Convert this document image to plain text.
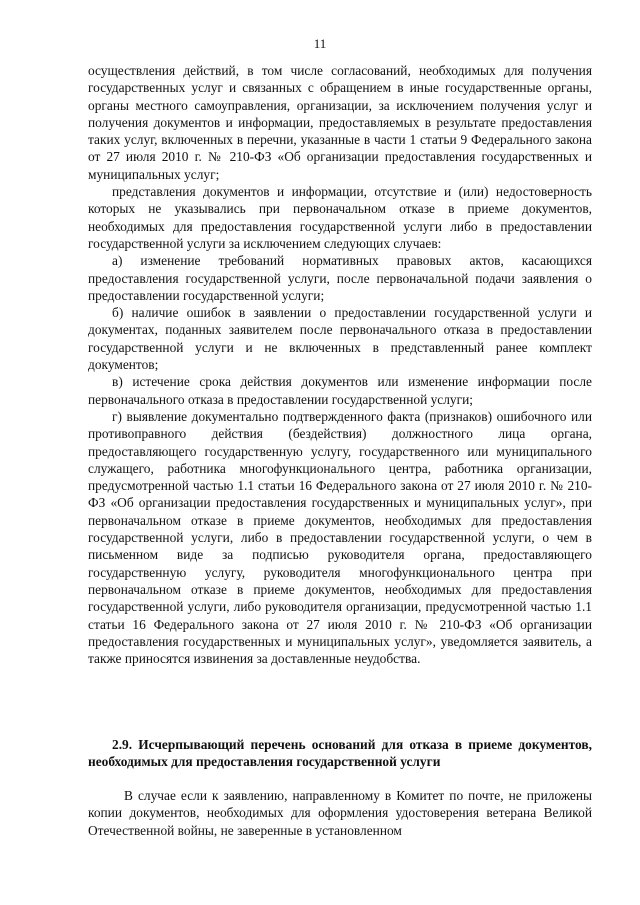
11

осуществления действий, в том числе согласований, необходимых для получения государственных услуг и связанных с обращением в иные государственные органы, органы местного самоуправления, организации, за исключением получения услуг и получения документов и информации, предоставляемых в результате предоставления таких услуг, включенных в перечни, указанные в части 1 статьи 9 Федерального закона от 27 июля 2010 г. № 210-ФЗ «Об организации предоставления государственных и муниципальных услуг;

представления документов и информации, отсутствие и (или) недостоверность которых не указывались при первоначальном отказе в приеме документов, необходимых для предоставления государственной услуги либо в предоставлении государственной услуги за исключением следующих случаев:

а) изменение требований нормативных правовых актов, касающихся предоставления государственной услуги, после первоначальной подачи заявления о предоставлении государственной услуги;

б) наличие ошибок в заявлении о предоставлении государственной услуги и документах, поданных заявителем после первоначального отказа в предоставлении государственной услуги и не включенных в представленный ранее комплект документов;

в) истечение срока действия документов или изменение информации после первоначального отказа в предоставлении государственной услуги;

г) выявление документально подтвержденного факта (признаков) ошибочного или противоправного действия (бездействия) должностного лица органа, предоставляющего государственную услугу, государственного или муниципального служащего, работника многофункционального центра, работника организации, предусмотренной частью 1.1 статьи 16 Федерального закона от 27 июля 2010 г. № 210-ФЗ «Об организации предоставления государственных и муниципальных услуг», при первоначальном отказе в приеме документов, необходимых для предоставления государственной услуги, либо в предоставлении государственной услуги, о чем в письменном виде за подписью руководителя органа, предоставляющего государственную услугу, руководителя многофункционального центра при первоначальном отказе в приеме документов, необходимых для предоставления государственной услуги, либо руководителя организации, предусмотренной частью 1.1 статьи 16 Федерального закона от 27 июля 2010 г. № 210-ФЗ «Об организации предоставления государственных и муниципальных услуг», уведомляется заявитель, а также приносятся извинения за доставленные неудобства.

2.9. Исчерпывающий перечень оснований для отказа в приеме документов, необходимых для предоставления государственной услуги

В случае если к заявлению, направленному в Комитет по почте, не приложены копии документов, необходимых для оформления удостоверения ветерана Великой Отечественной войны, не заверенные в установленном
